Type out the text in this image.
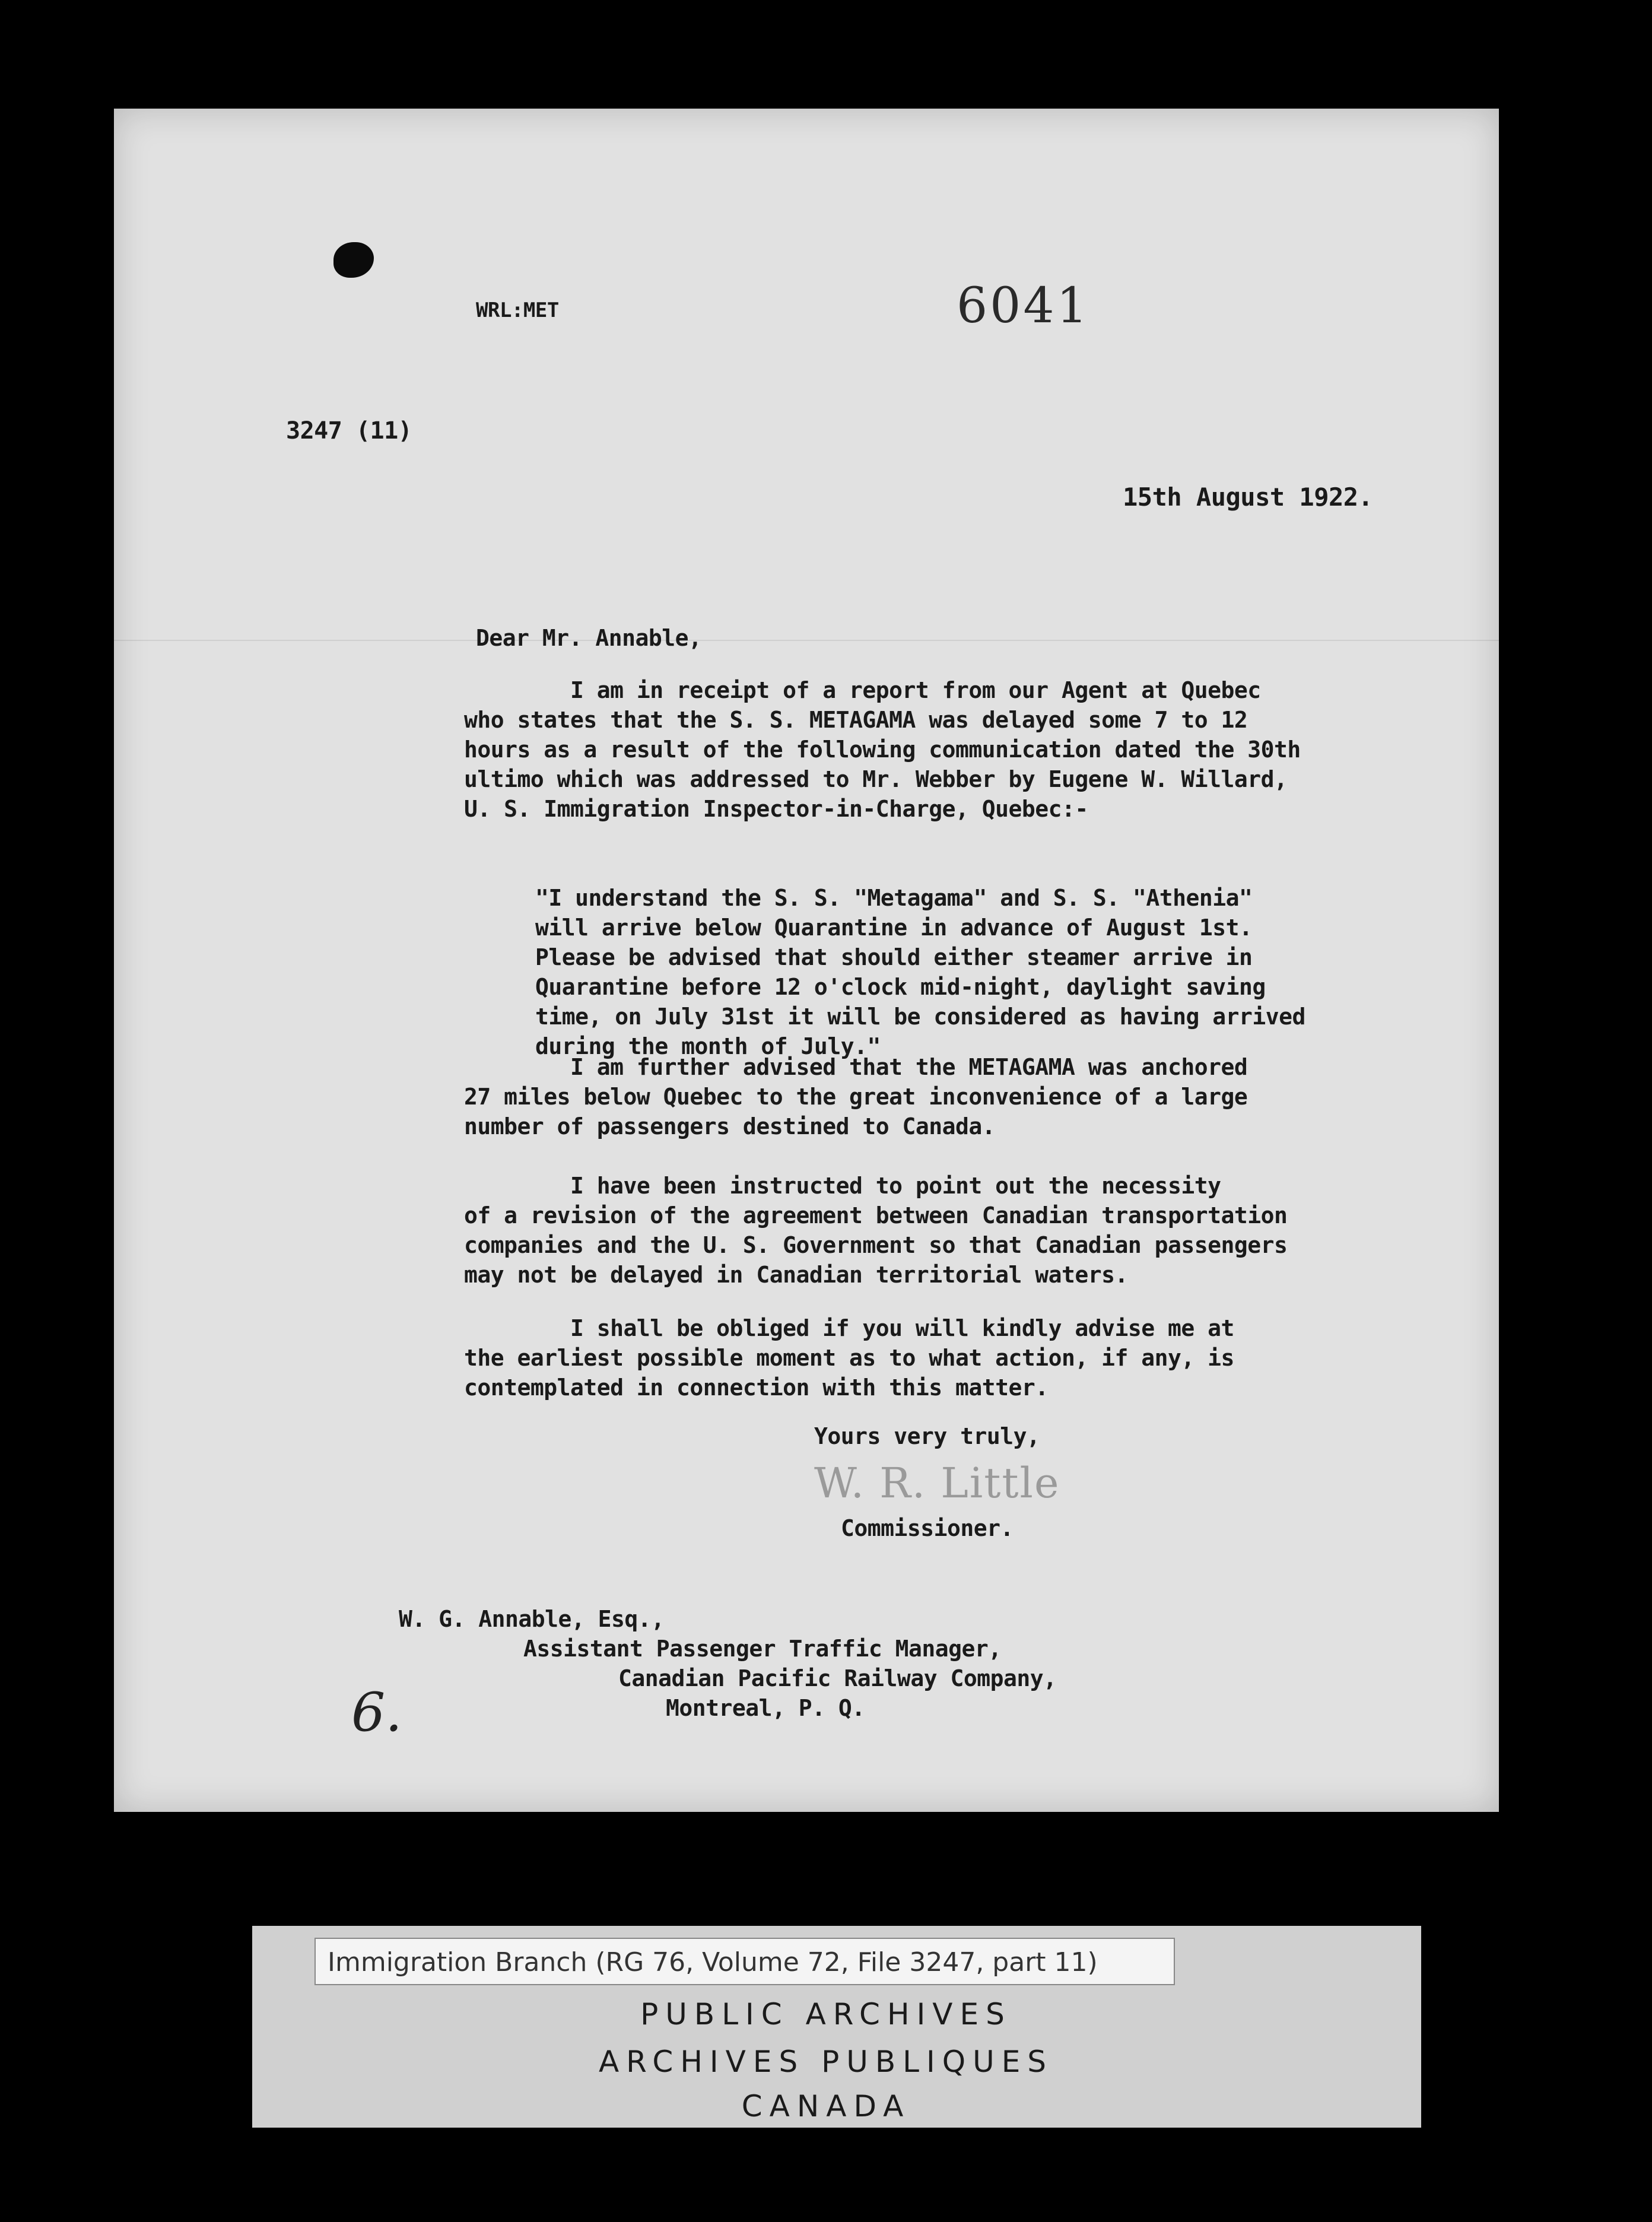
WRL:MET	6041
3247 (11)
15th August 1922.
Dear Mr. Annable,
I am in receipt of a report from our Agent at Quebec
who states that the S. S. METAGAMA was delayed some 7 to 12
hours as a result of the following communication dated the 30th
ultimo which was addressed to Mr. Webber by Eugene W. Willard,
U. S. Immigration Inspector-in-Charge, Quebec:-
"I understand the S. S. "Metagama" and S. S. "Athenia"
will arrive below Quarantine in advance of August 1st.
Please be advised that should either steamer arrive in
Quarantine before 12 o'clock mid-night, daylight saving
time, on July 31st it will be considered as having arrived
during the month of July."
I am further advised that the METAGAMA was anchored
27 miles below Quebec to the great inconvenience of a large
number of passengers destined to Canada.
I have been instructed to point out the necessity
of a revision of the agreement between Canadian transportation
companies and the U. S. Government so that Canadian passengers
may not be delayed in Canadian territorial waters.
I shall be obliged if you will kindly advise me at
the earliest possible moment as to what action, if any, is
contemplated in connection with this matter.
Yours very truly,
W. R. Little
Commissioner.
W. G. Annable, Esq.,
Assistant Passenger Traffic Manager,
Canadian Pacific Railway Company,
Montreal, P. Q.
6.
Immigration Branch (RG 76, Volume 72, File 3247, part 11)
PUBLIC ARCHIVES
ARCHIVES PUBLIQUES
CANADA
